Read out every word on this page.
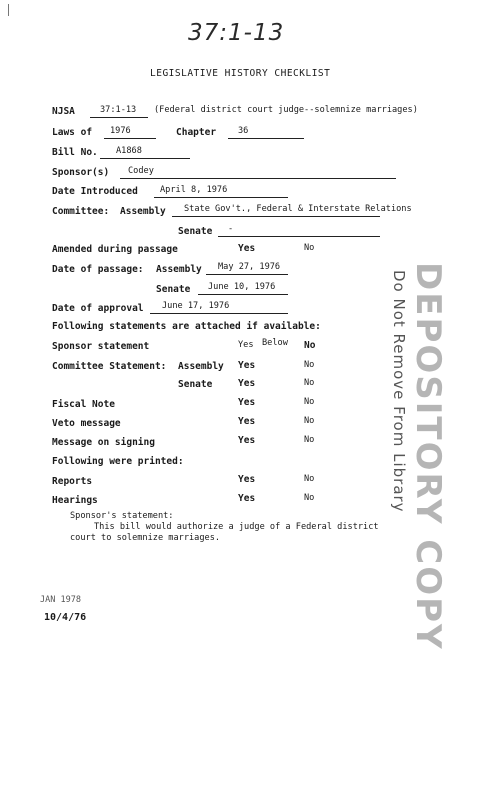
37:1-13
LEGISLATIVE HISTORY CHECKLIST
NJSA	37:1-13 (Federal district court judge--solemnize marriages)
Laws of 1976	Chapter	36
Bill No. A1868
Sponsor(s) Codey
Date Introduced	April 8, 1976
Committee: Assembly State Gov't., Federal & Interstate Relations
Senate -
Amended during passage	Yes	No
Date of passage: Assembly May 27, 1976
Senate June 10, 1976
Date of approval June 17, 1976
Following statements are attached if available:
Sponsor statement	Yes Below No
Committee Statement: Assembly Yes	No
Senate	Yes	No
Fiscal Note	Yes	No
Veto message	Yes	No
Message on signing	Yes	No
Following were printed:
Reports	Yes	No
Hearings	Yes	No
Sponsor's statement:
This bill would authorize a judge of a Federal district
court to solemnize marriages.	DEPOSITORY COPY
Do Not Remove From Library
JAN 1978
10/4/76
